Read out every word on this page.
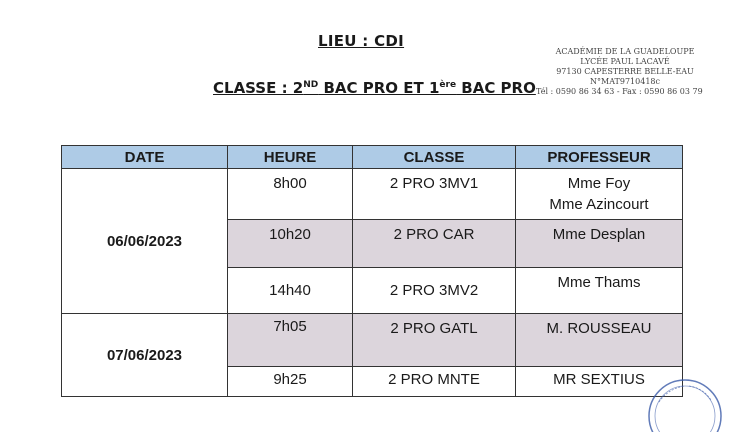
LIEU : CDI
CLASSE : 2ND BAC PRO ET 1ère BAC PRO
ACADÉMIE DE LA GUADELOUPE
LYCÉE PAUL LACAVÉ
97130 CAPESTERRE BELLE-EAU
N°MAT9710418c
Tél : 0590 86 34 63 - Fax : 0590 86 03 79
DATE	HEURE	CLASSE	PROFESSEUR
06/06/2023	8h00	2 PRO 3MV1	Mme Foy
Mme Azincourt

	10h20	2 PRO CAR	Mme Desplan

	14h40	2 PRO 3MV2	Mme Thams

07/06/2023	7h05	2 PRO GATL	M. ROUSSEAU

	9h25	2 PRO MNTE	MR SEXTIUS
